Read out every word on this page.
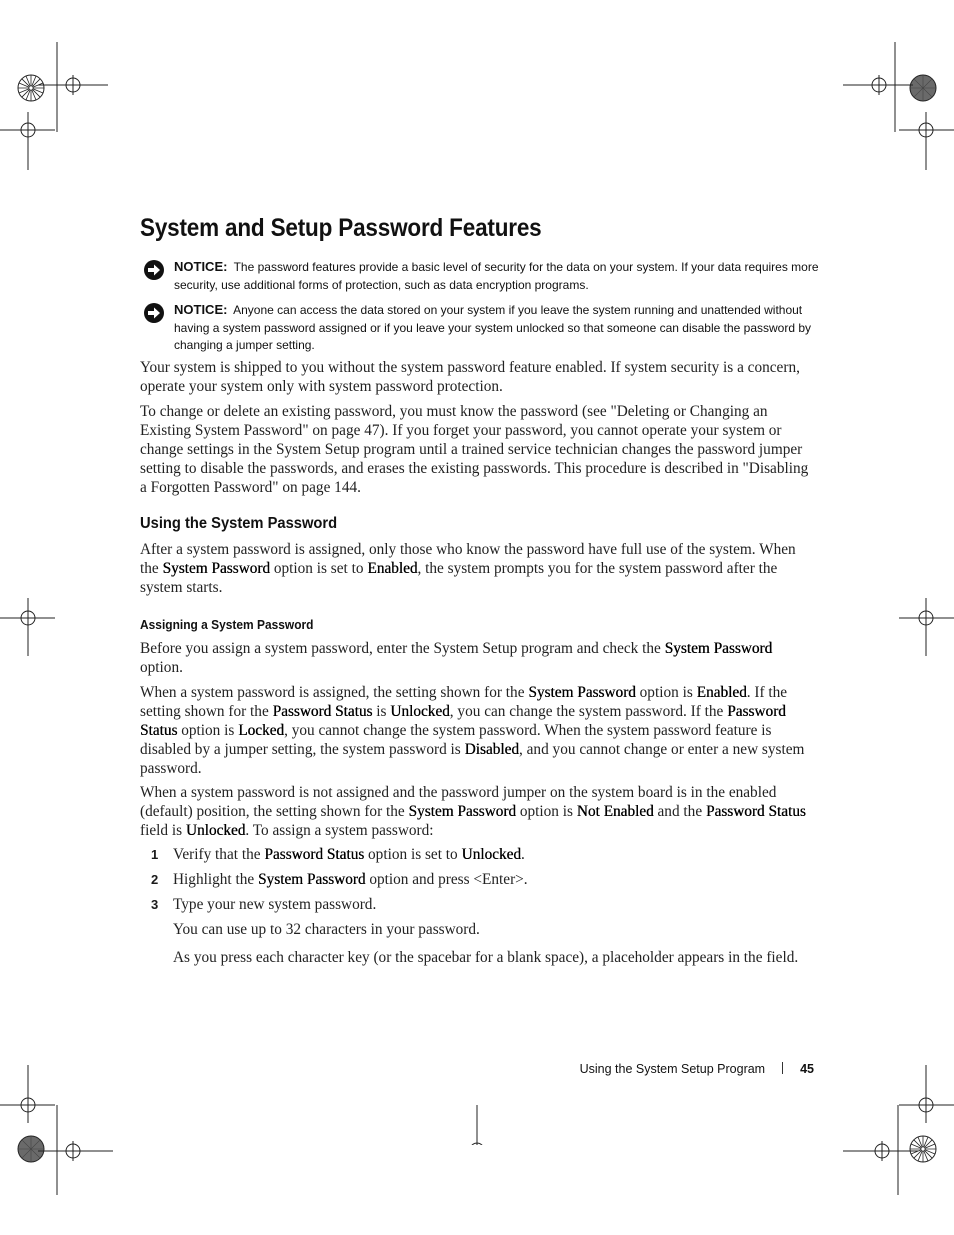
System and Setup Password Features

NOTICE: The password features provide a basic level of security for the data on your system. If your data requires more security, use additional forms of protection, such as data encryption programs.

NOTICE: Anyone can access the data stored on your system if you leave the system running and unattended without having a system password assigned or if you leave your system unlocked so that someone can disable the password by changing a jumper setting.

Your system is shipped to you without the system password feature enabled. If system security is a concern, operate your system only with system password protection.

To change or delete an existing password, you must know the password (see "Deleting or Changing an Existing System Password" on page 47). If you forget your password, you cannot operate your system or change settings in the System Setup program until a trained service technician changes the password jumper setting to disable the passwords, and erases the existing passwords. This procedure is described in "Disabling a Forgotten Password" on page 144.

Using the System Password

After a system password is assigned, only those who know the password have full use of the system. When the System Password option is set to Enabled, the system prompts you for the system password after the system starts.

Assigning a System Password

Before you assign a system password, enter the System Setup program and check the System Password option.

When a system password is assigned, the setting shown for the System Password option is Enabled. If the setting shown for the Password Status is Unlocked, you can change the system password. If the Password Status option is Locked, you cannot change the system password. When the system password feature is disabled by a jumper setting, the system password is Disabled, and you cannot change or enter a new system password.

When a system password is not assigned and the password jumper on the system board is in the enabled (default) position, the setting shown for the System Password option is Not Enabled and the Password Status field is Unlocked. To assign a system password:

1 Verify that the Password Status option is set to Unlocked.

2 Highlight the System Password option and press <Enter>.

3 Type your new system password.

You can use up to 32 characters in your password.

As you press each character key (or the spacebar for a blank space), a placeholder appears in the field.

Using the System Setup Program	45
